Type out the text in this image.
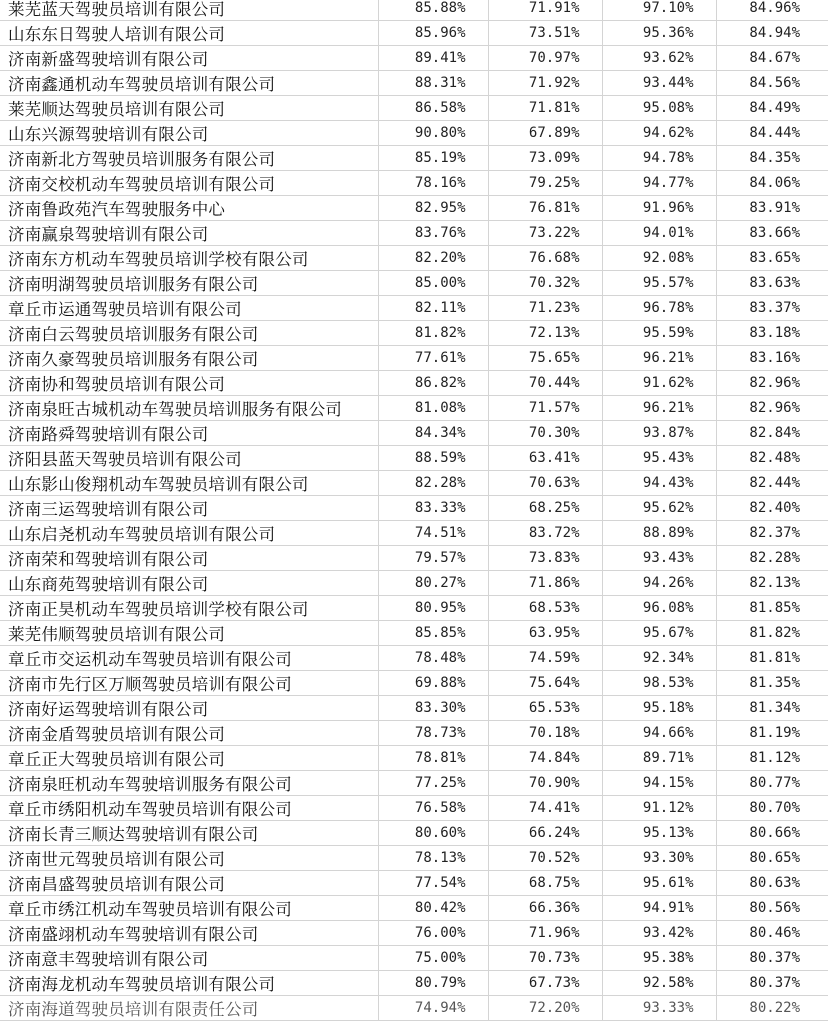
莱芜蓝天驾驶员培训有限公司	85.88%	71.91%	97.10%	84.96%
山东东日驾驶人培训有限公司	85.96%	73.51%	95.36%	84.94%
济南新盛驾驶培训有限公司	89.41%	70.97%	93.62%	84.67%
济南鑫通机动车驾驶员培训有限公司	88.31%	71.92%	93.44%	84.56%
莱芜顺达驾驶员培训有限公司	86.58%	71.81%	95.08%	84.49%
山东兴源驾驶培训有限公司	90.80%	67.89%	94.62%	84.44%
济南新北方驾驶员培训服务有限公司	85.19%	73.09%	94.78%	84.35%
济南交校机动车驾驶员培训有限公司	78.16%	79.25%	94.77%	84.06%
济南鲁政苑汽车驾驶服务中心	82.95%	76.81%	91.96%	83.91%
济南赢泉驾驶培训有限公司	83.76%	73.22%	94.01%	83.66%
济南东方机动车驾驶员培训学校有限公司	82.20%	76.68%	92.08%	83.65%
济南明湖驾驶员培训服务有限公司	85.00%	70.32%	95.57%	83.63%
章丘市运通驾驶员培训有限公司	82.11%	71.23%	96.78%	83.37%
济南白云驾驶员培训服务有限公司	81.82%	72.13%	95.59%	83.18%
济南久豪驾驶员培训服务有限公司	77.61%	75.65%	96.21%	83.16%
济南协和驾驶员培训有限公司	86.82%	70.44%	91.62%	82.96%
济南泉旺古城机动车驾驶员培训服务有限公司	81.08%	71.57%	96.21%	82.96%
济南路舜驾驶培训有限公司	84.34%	70.30%	93.87%	82.84%
济阳县蓝天驾驶员培训有限公司	88.59%	63.41%	95.43%	82.48%
山东影山俊翔机动车驾驶员培训有限公司	82.28%	70.63%	94.43%	82.44%
济南三运驾驶培训有限公司	83.33%	68.25%	95.62%	82.40%
山东启尧机动车驾驶员培训有限公司	74.51%	83.72%	88.89%	82.37%
济南荣和驾驶培训有限公司	79.57%	73.83%	93.43%	82.28%
山东商苑驾驶培训有限公司	80.27%	71.86%	94.26%	82.13%
济南正昊机动车驾驶员培训学校有限公司	80.95%	68.53%	96.08%	81.85%
莱芜伟顺驾驶员培训有限公司	85.85%	63.95%	95.67%	81.82%
章丘市交运机动车驾驶员培训有限公司	78.48%	74.59%	92.34%	81.81%
济南市先行区万顺驾驶员培训有限公司	69.88%	75.64%	98.53%	81.35%
济南好运驾驶培训有限公司	83.30%	65.53%	95.18%	81.34%
济南金盾驾驶员培训有限公司	78.73%	70.18%	94.66%	81.19%
章丘正大驾驶员培训有限公司	78.81%	74.84%	89.71%	81.12%
济南泉旺机动车驾驶培训服务有限公司	77.25%	70.90%	94.15%	80.77%
章丘市绣阳机动车驾驶员培训有限公司	76.58%	74.41%	91.12%	80.70%
济南长青三顺达驾驶培训有限公司	80.60%	66.24%	95.13%	80.66%
济南世元驾驶员培训有限公司	78.13%	70.52%	93.30%	80.65%
济南昌盛驾驶员培训有限公司	77.54%	68.75%	95.61%	80.63%
章丘市绣江机动车驾驶员培训有限公司	80.42%	66.36%	94.91%	80.56%
济南盛翊机动车驾驶培训有限公司	76.00%	71.96%	93.42%	80.46%
济南意丰驾驶培训有限公司	75.00%	70.73%	95.38%	80.37%
济南海龙机动车驾驶员培训有限公司	80.79%	67.73%	92.58%	80.37%
济南海道驾驶员培训有限责任公司	74.94%	72.20%	93.33%	80.22%
